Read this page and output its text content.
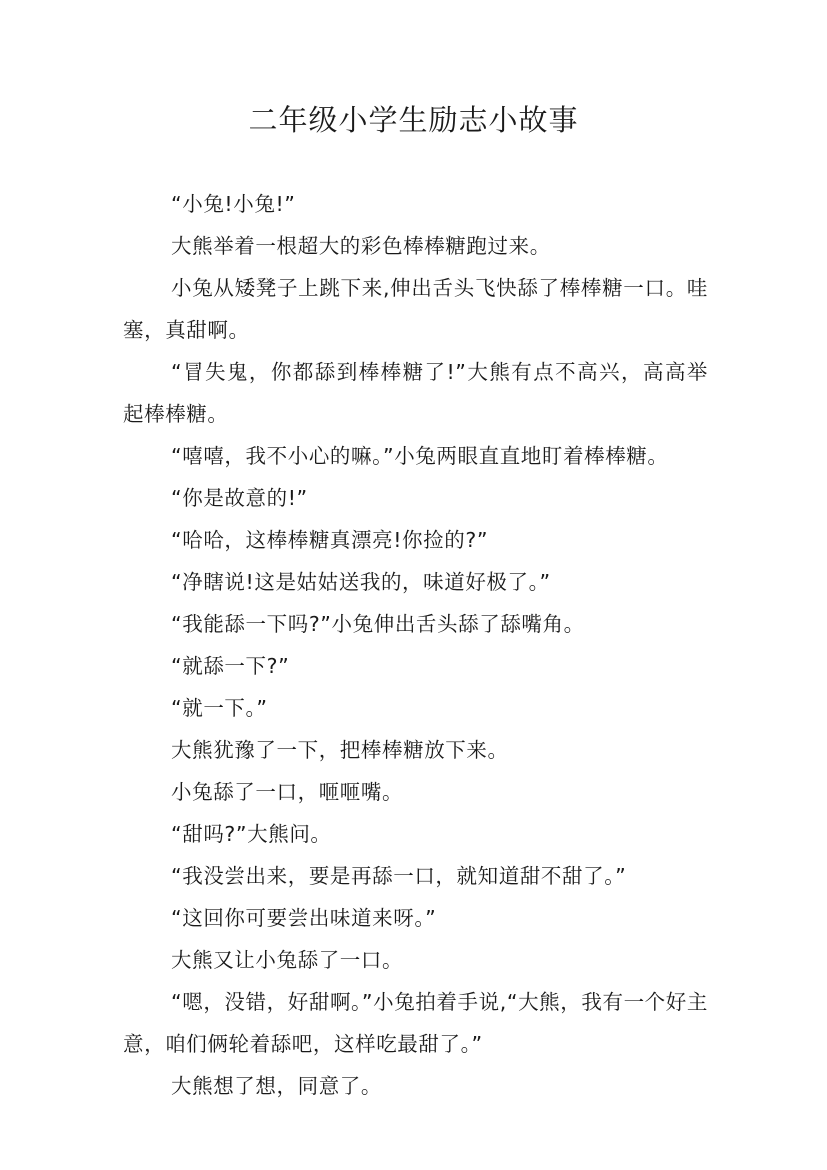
二年级小学生励志小故事

“小兔!小兔!”

大熊举着一根超大的彩色棒棒糖跑过来。

小兔从矮凳子上跳下来,伸出舌头飞快舔了棒棒糖一口。哇塞，真甜啊。

“冒失鬼，你都舔到棒棒糖了!”大熊有点不高兴，高高举起棒棒糖。

“嘻嘻，我不小心的嘛。”小兔两眼直直地盯着棒棒糖。

“你是故意的!”

“哈哈，这棒棒糖真漂亮!你捡的?”

“净瞎说!这是姑姑送我的，味道好极了。”

“我能舔一下吗?”小兔伸出舌头舔了舔嘴角。

“就舔一下?”

“就一下。”

大熊犹豫了一下，把棒棒糖放下来。

小兔舔了一口，咂咂嘴。

“甜吗?”大熊问。

“我没尝出来，要是再舔一口，就知道甜不甜了。”

“这回你可要尝出味道来呀。”

大熊又让小兔舔了一口。

“嗯，没错，好甜啊。”小兔拍着手说,“大熊，我有一个好主意，咱们俩轮着舔吧，这样吃最甜了。”

大熊想了想，同意了。
